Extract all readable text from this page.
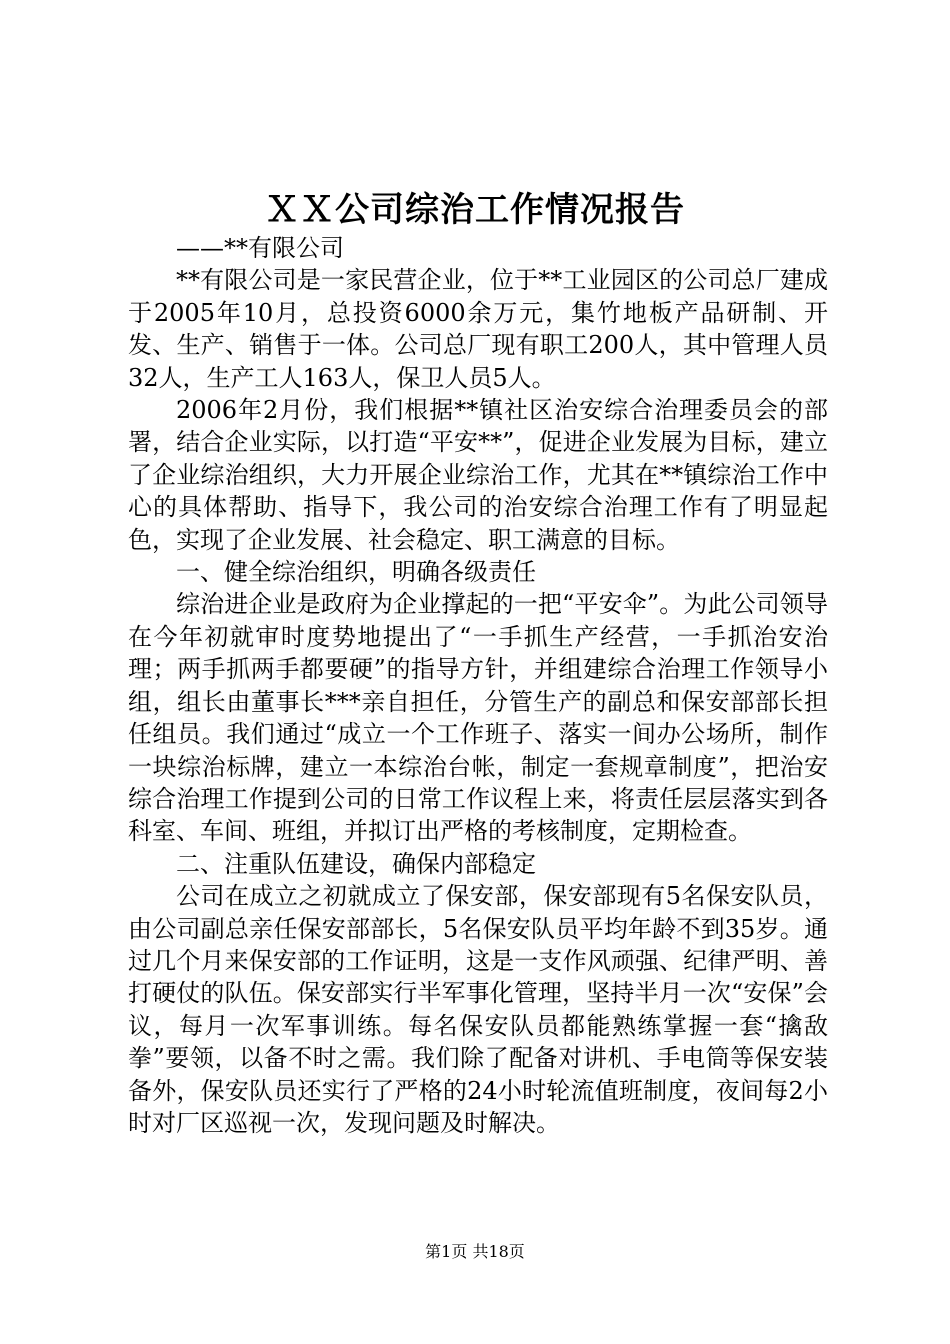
ＸＸ公司综治工作情况报告

——**有限公司

**有限公司是一家民营企业，位于**工业园区的公司总厂建成于2005年10月，总投资6000余万元，集竹地板产品研制、开发、生产、销售于一体。公司总厂现有职工200人，其中管理人员32人，生产工人163人，保卫人员5人。

2006年2月份，我们根据**镇社区治安综合治理委员会的部署，结合企业实际，以打造“平安**”，促进企业发展为目标，建立了企业综治组织，大力开展企业综治工作，尤其在**镇综治工作中心的具体帮助、指导下，我公司的治安综合治理工作有了明显起色，实现了企业发展、社会稳定、职工满意的目标。

一、健全综治组织，明确各级责任

综治进企业是政府为企业撑起的一把“平安伞”。为此公司领导在今年初就审时度势地提出了“一手抓生产经营，一手抓治安治理；两手抓两手都要硬”的指导方针，并组建综合治理工作领导小组，组长由董事长***亲自担任，分管生产的副总和保安部部长担任组员。我们通过“成立一个工作班子、落实一间办公场所，制作一块综治标牌，建立一本综治台帐，制定一套规章制度”，把治安综合治理工作提到公司的日常工作议程上来，将责任层层落实到各科室、车间、班组，并拟订出严格的考核制度，定期检查。

二、注重队伍建设，确保内部稳定

公司在成立之初就成立了保安部，保安部现有5名保安队员，由公司副总亲任保安部部长，5名保安队员平均年龄不到35岁。通过几个月来保安部的工作证明，这是一支作风顽强、纪律严明、善打硬仗的队伍。保安部实行半军事化管理，坚持半月一次“安保”会议，每月一次军事训练。每名保安队员都能熟练掌握一套“擒敌拳”要领，以备不时之需。我们除了配备对讲机、手电筒等保安装备外，保安队员还实行了严格的24小时轮流值班制度，夜间每2小时对厂区巡视一次，发现问题及时解决。

第1页 共18页
